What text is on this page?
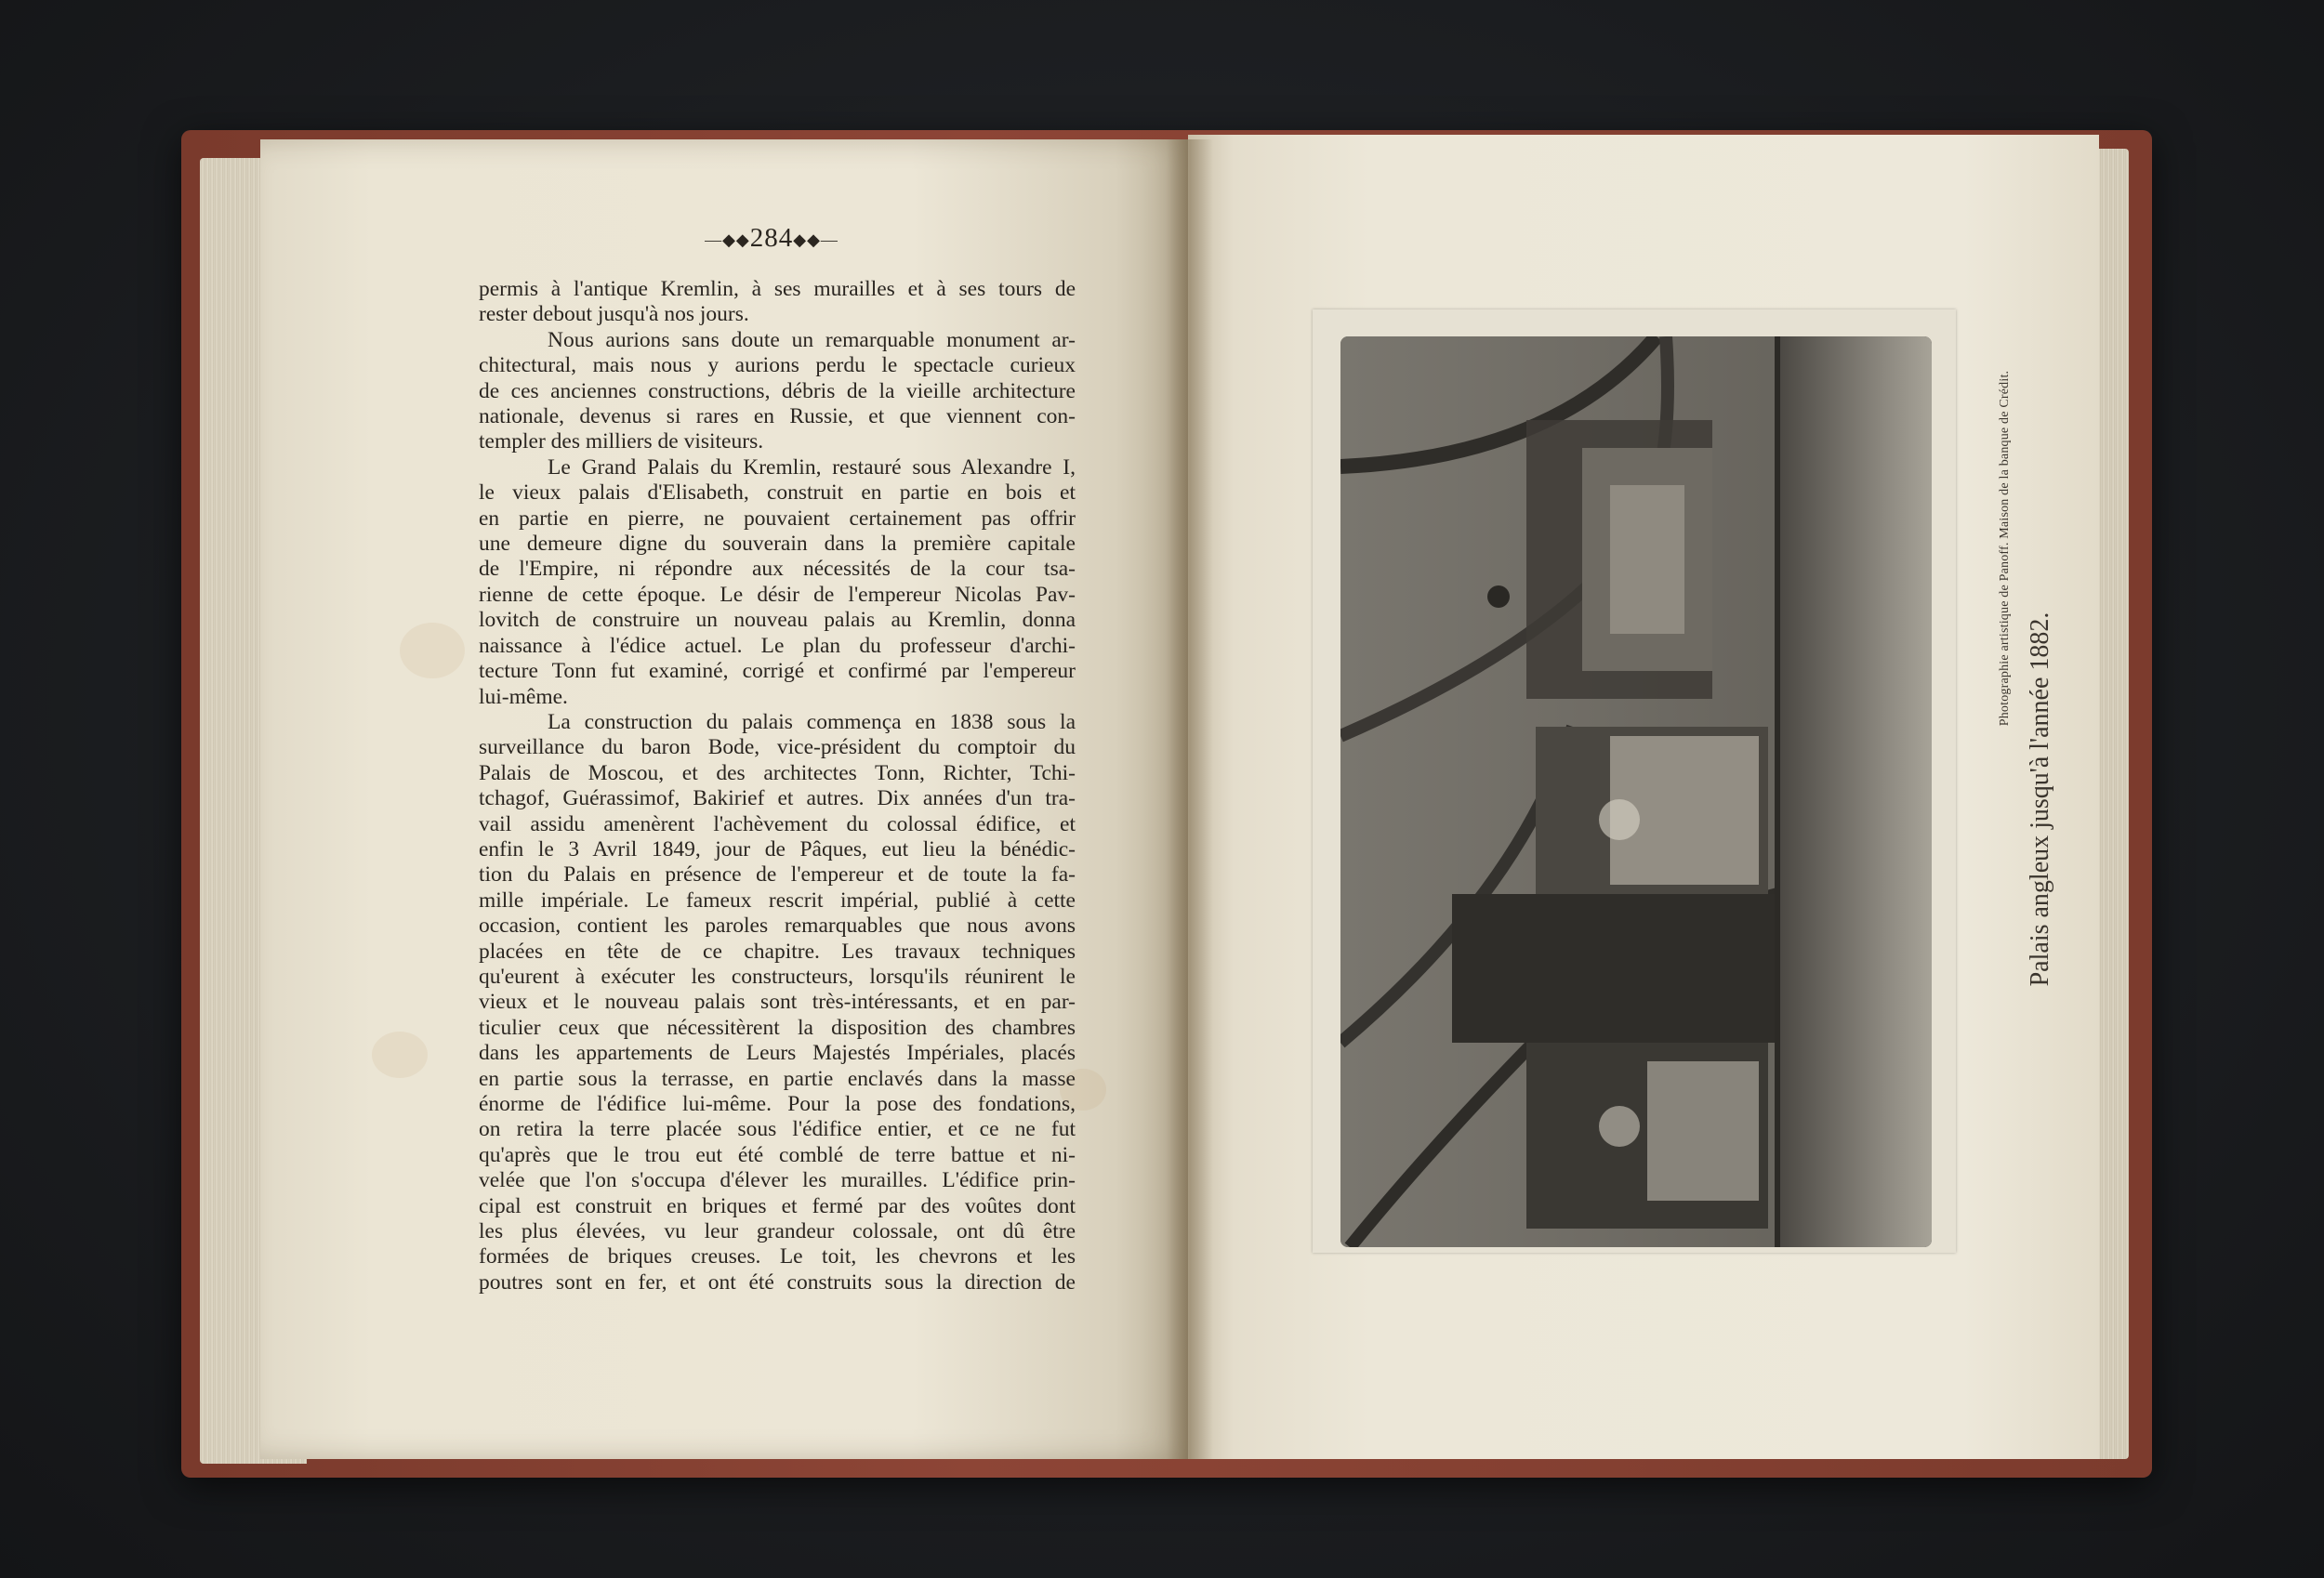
—◆◆284◆◆—
permis à l'antique Kremlin, à ses murailles et à ses tours de
rester debout jusqu'à nos jours.
Nous aurions sans doute un remarquable monument ar-
chitectural, mais nous y aurions perdu le spectacle curieux
de ces anciennes constructions, débris de la vieille architecture
nationale, devenus si rares en Russie, et que viennent con-
templer des milliers de visiteurs.
Le Grand Palais du Kremlin, restauré sous Alexandre I,
le vieux palais d'Elisabeth, construit en partie en bois et
en partie en pierre, ne pouvaient certainement pas offrir
une demeure digne du souverain dans la première capitale
de l'Empire, ni répondre aux nécessités de la cour tsa-
rienne de cette époque. Le désir de l'empereur Nicolas Pav-
lovitch de construire un nouveau palais au Kremlin, donna
naissance à l'édice actuel. Le plan du professeur d'archi-
tecture Tonn fut examiné, corrigé et confirmé par l'empereur
lui-même.
La construction du palais commença en 1838 sous la
surveillance du baron Bode, vice-président du comptoir du
Palais de Moscou, et des architectes Tonn, Richter, Tchi-
tchagof, Guérassimof, Bakirief et autres. Dix années d'un tra-
vail assidu amenèrent l'achèvement du colossal édifice, et
enfin le 3 Avril 1849, jour de Pâques, eut lieu la bénédic-
tion du Palais en présence de l'empereur et de toute la fa-
mille impériale. Le fameux rescrit impérial, publié à cette
occasion, contient les paroles remarquables que nous avons
placées en tête de ce chapitre. Les travaux techniques
qu'eurent à exécuter les constructeurs, lorsqu'ils réunirent le
vieux et le nouveau palais sont très-intéressants, et en par-
ticulier ceux que nécessitèrent la disposition des chambres
dans les appartements de Leurs Majestés Impériales, placés
en partie sous la terrasse, en partie enclavés dans la masse
énorme de l'édifice lui-même. Pour la pose des fondations,
on retira la terre placée sous l'édifice entier, et ce ne fut
qu'après que le trou eut été comblé de terre battue et ni-
velée que l'on s'occupa d'élever les murailles. L'édifice prin-
cipal est construit en briques et fermé par des voûtes dont
les plus élevées, vu leur grandeur colossale, ont dû être
formées de briques creuses. Le toit, les chevrons et les
poutres sont en fer, et ont été construits sous la direction de
Photographie artistique de Panoff. Maison de la banque de Crédit.
Palais angleux jusqu'à l'année 1882.
